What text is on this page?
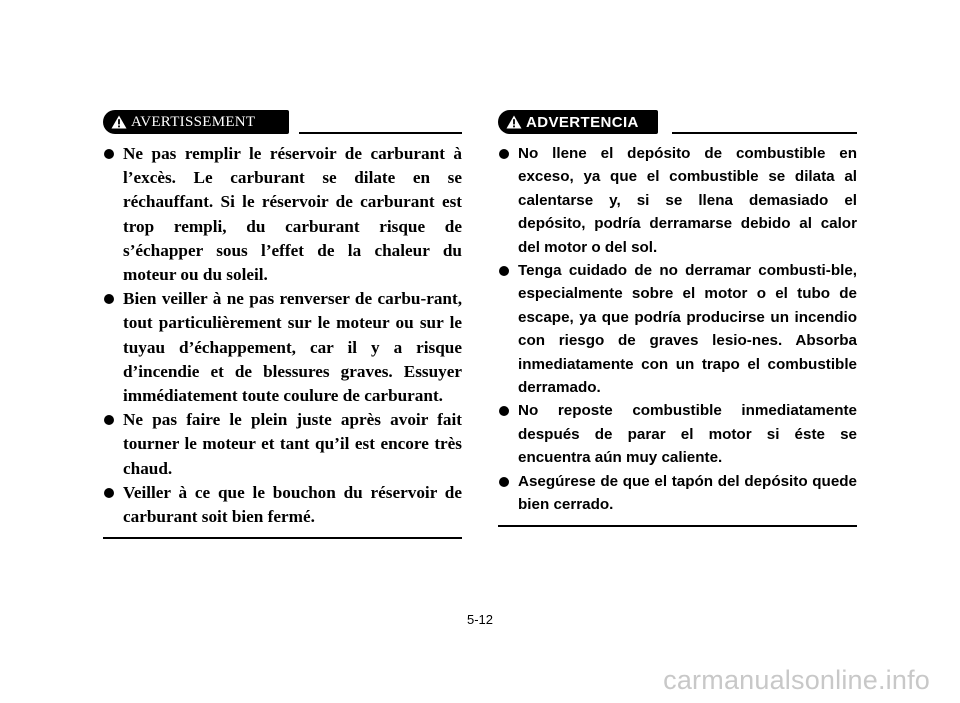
AVERTISSEMENT
Ne pas remplir le réservoir de carburant à l’excès. Le carburant se dilate en se réchauffant. Si le réservoir de carburant est trop rempli, du carburant risque de s’échapper sous l’effet de la chaleur du moteur ou du soleil.
Bien veiller à ne pas renverser de carbu-rant, tout particulièrement sur le moteur ou sur le tuyau d’échappement, car il y a risque d’incendie et de blessures graves. Essuyer immédiatement toute coulure de carburant.
Ne pas faire le plein juste après avoir fait tourner le moteur et tant qu’il est encore très chaud.
Veiller à ce que le bouchon du réservoir de carburant soit bien fermé.
ADVERTENCIA
No llene el depósito de combustible en exceso, ya que el combustible se dilata al calentarse y, si se llena demasiado el depósito, podría derramarse debido al calor del motor o del sol.
Tenga cuidado de no derramar combusti-ble, especialmente sobre el motor o el tubo de escape, ya que podría producirse un incendio con riesgo de graves lesio-nes. Absorba inmediatamente con un trapo el combustible derramado.
No reposte combustible inmediatamente después de parar el motor si éste se encuentra aún muy caliente.
Asegúrese de que el tapón del depósito quede bien cerrado.
5-12
carmanualsonline.info
